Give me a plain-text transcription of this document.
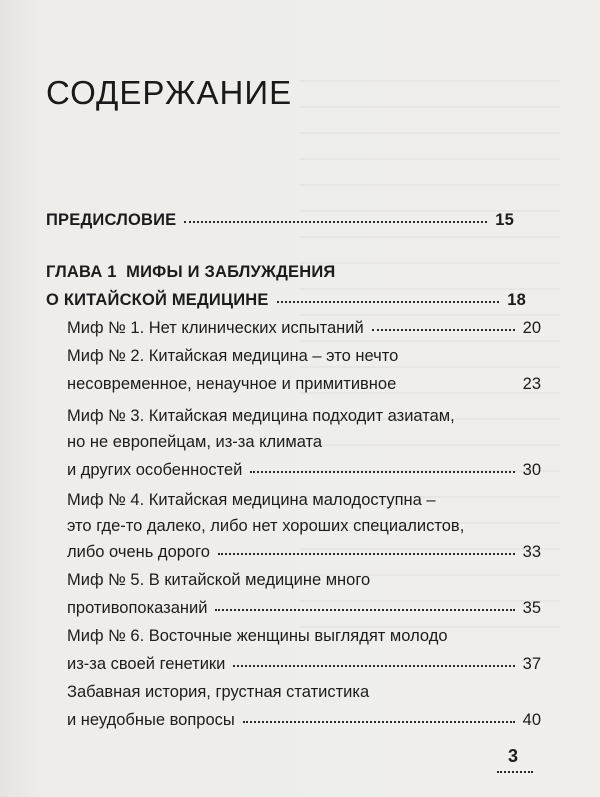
СОДЕРЖАНИЕ
ПРЕДИСЛОВИЕ	15
ГЛАВА 1  МИФЫ И ЗАБЛУЖДЕНИЯ
О КИТАЙСКОЙ МЕДИЦИНЕ	18
Миф № 1. Нет клинических испытаний	20
Миф № 2. Китайская медицина – это нечто
несовременное, ненаучное и примитивное	23
Миф № 3. Китайская медицина подходит азиатам,
но не европейцам, из-за климата
и других особенностей	30
Миф № 4. Китайская медицина малодоступна –
это где-то далеко, либо нет хороших специалистов,
либо очень дорого	33
Миф № 5. В китайской медицине много
противопоказаний	35
Миф № 6. Восточные женщины выглядят молодо
из-за своей генетики	37
Забавная история, грустная статистика
и неудобные вопросы	40
3
